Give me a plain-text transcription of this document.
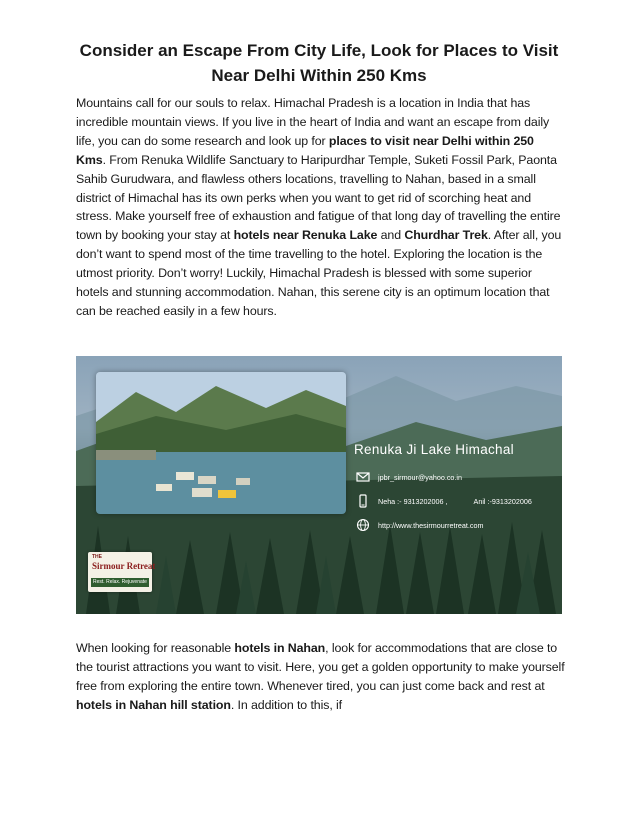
Consider an Escape From City Life, Look for Places to Visit Near Delhi Within 250 Kms

Mountains call for our souls to relax. Himachal Pradesh is a location in India that has incredible mountain views. If you live in the heart of India and want an escape from daily life, you can do some research and look up for places to visit near Delhi within 250 Kms. From Renuka Wildlife Sanctuary to Haripurdhar Temple, Suketi Fossil Park, Paonta Sahib Gurudwara, and flawless others locations, travelling to Nahan, based in a small district of Himachal has its own perks when you want to get rid of scorching heat and stress. Make yourself free of exhaustion and fatigue of that long day of travelling the entire town by booking your stay at hotels near Renuka Lake and Churdhar Trek. After all, you don’t want to spend most of the time travelling to the hotel. Exploring the location is the utmost priority. Don’t worry! Luckily, Himachal Pradesh is blessed with some superior hotels and stunning accommodation. Nahan, this serene city is an optimum location that can be reached easily in a few hours.

Renuka Ji Lake Himachal
jpbr_sirmour@yahoo.co.in
Neha :- 9313202006 ,	Anil :-9313202006
http://www.thesirmourretreat.com
THE
Sirmour Retreat
Rest. Relax. Rejuvenate

When looking for reasonable hotels in Nahan, look for accommodations that are close to the tourist attractions you want to visit. Here, you get a golden opportunity to make yourself free from exploring the entire town. Whenever tired, you can just come back and rest at hotels in Nahan hill station. In addition to this, if
